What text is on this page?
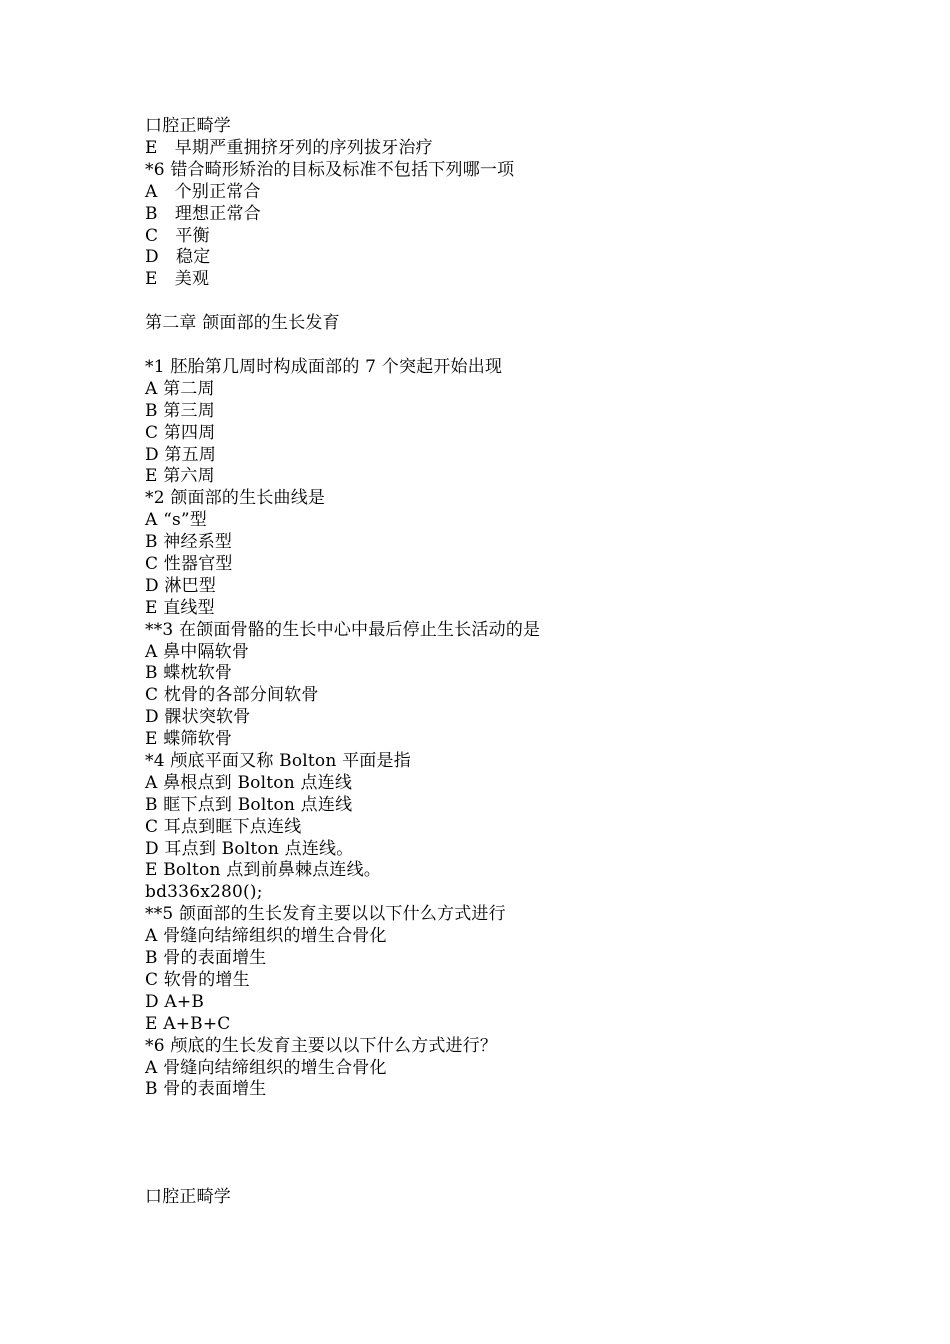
口腔正畸学
E　早期严重拥挤牙列的序列拔牙治疗
*6 错合畸形矫治的目标及标准不包括下列哪一项
A　个别正常合
B　理想正常合
C　平衡
D　稳定
E　美观
第二章 颌面部的生长发育
*1 胚胎第几周时构成面部的 7 个突起开始出现
A 第二周
B 第三周
C 第四周
D 第五周
E 第六周
*2 颌面部的生长曲线是
A “s”型
B 神经系型
C 性器官型
D 淋巴型
E 直线型
**3 在颌面骨骼的生长中心中最后停止生长活动的是
A 鼻中隔软骨
B 蝶枕软骨
C 枕骨的各部分间软骨
D 髁状突软骨
E 蝶筛软骨
*4 颅底平面又称 Bolton 平面是指
A 鼻根点到 Bolton 点连线
B 眶下点到 Bolton 点连线
C 耳点到眶下点连线
D 耳点到 Bolton 点连线。
E Bolton 点到前鼻棘点连线。
bd336x280();
**5 颌面部的生长发育主要以以下什么方式进行
A 骨缝向结缔组织的增生合骨化
B 骨的表面增生
C 软骨的增生
D A+B
E A+B+C
*6 颅底的生长发育主要以以下什么方式进行？
A 骨缝向结缔组织的增生合骨化
B 骨的表面增生
口腔正畸学
